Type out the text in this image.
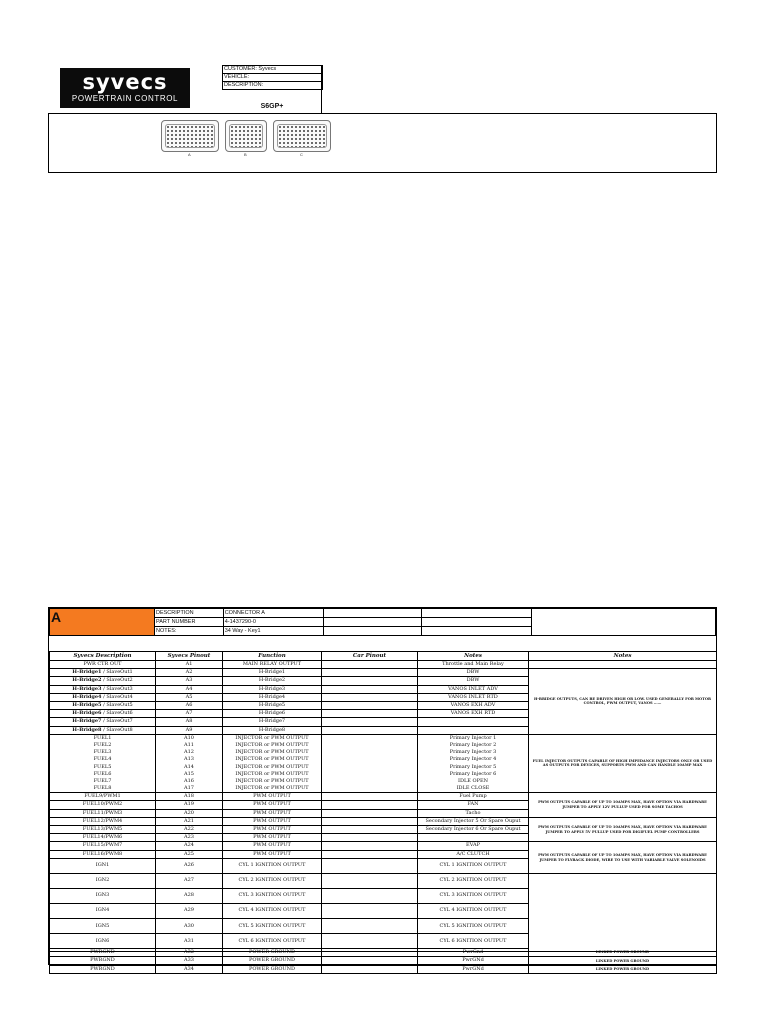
syvecs
POWERTRAIN CONTROL
CUSTOMER: Syvecs
VEHICLE:
DESCRIPTION:
S6GP+
A	B	C
A	DESCRIPTION	CONNECTOR A			
	PART NUMBER	4-1437290-0			
	NOTES:	34 Way - Key1			
Syvecs Description	Syvecs Pinout	Function	Car Pinout	Notes	Notes	
PWR CTR OUT	A1	MAIN RELAY OUTPUT		Throttle and Main Relay		
H-Bridge1 / SlaveOut1	A2	H-Bridge1		DBW	H-BRIDGE OUTPUTS, CAN BE DRIVEN HIGH OR LOW. USED GENERALLY FOR MOTOR CONTROL, PWM OUTPUT, VANOS ......	
H-Bridge2 / SlaveOut2	A3	H-Bridge2		DBW		
H-Bridge3 / SlaveOut3	A4	H-Bridge3		VANOS INLET ADV		
H-Bridge4 / SlaveOut4	A5	H-Bridge4		VANOS INLET RTD		
H-Bridge5 / SlaveOut5	A6	H-Bridge5		VANOS EXH ADV		
H-Bridge6 / SlaveOut6	A7	H-Bridge6		VANOS EXH RTD		
H-Bridge7 / SlaveOut7	A8	H-Bridge7				
H-Bridge8 / SlaveOut8	A9	H-Bridge8				
FUEL1	A10	INJECTOR or PWM OUTPUT		Primary Injector 1	FUEL INJECTOR OUTPUTS CAPABLE OF HIGH IMPEDANCE INJECTORS ONLY OR USED AS OUTPUTS FOR DEVICES, SUPPORTS PWM AND CAN HANDLE 10AMP MAX	
FUEL2	A11	INJECTOR or PWM OUTPUT		Primary Injector 2		
FUEL3	A12	INJECTOR or PWM OUTPUT		Primary Injector 3		
FUEL4	A13	INJECTOR or PWM OUTPUT		Primary Injector 4		
FUEL5	A14	INJECTOR or PWM OUTPUT		Primary Injector 5		
FUEL6	A15	INJECTOR or PWM OUTPUT		Primary Injector 6		
FUEL7	A16	INJECTOR or PWM OUTPUT		IDLE OPEN		
FUEL8	A17	INJECTOR or PWM OUTPUT		IDLE CLOSE		
FUEL9/PWM1	A18	PWM OUTPUT		Fuel Pump	PWM OUTPUTS CAPABLE OF UP TO 10AMPS MAX, HAVE OPTION VIA HARDWARE JUMPER TO APPLY 12V PULLUP USED FOR SOME TACHOS	
FUEL10/PWM2	A19	PWM OUTPUT		FAN		
FUEL11/PWM3	A20	PWM OUTPUT		Tacho		
FUEL12/PWM4	A21	PWM OUTPUT		Secondary Injector 5 Or Spare Ouput	PWM OUTPUTS CAPABLE OF UP TO 10AMPS MAX, HAVE OPTION VIA HARDWARE JUMPER TO APPLY 5V PULLUP USED FOR DIGIFUEL PUMP CONTROLLERS	
FUEL13/PWM5	A22	PWM OUTPUT		Secondary Injector 6 Or Spare Ouput		
FUEL14/PWM6	A23	PWM OUTPUT				
FUEL15/PWM7	A24	PWM OUTPUT		EVAP	PWM OUTPUTS CAPABLE OF UP TO 10AMPS MAX, HAVE OPTION VIA HARDWARE JUMPER TO FLYBACK DIODE, WIRE TO USE WITH VARIABLE VALVE SOLENOIDS	
FUEL16/PWM8	A25	PWM OUTPUT		A/C CLUTCH		
IGN1	A26	CYL 1 IGNITION OUTPUT		CYL 1 IGNITION OUTPUT	
IGN2	A27	CYL 2 IGNITION OUTPUT		CYL 2 IGNITION OUTPUT		
IGN3	A28	CYL 3 IGNITION OUTPUT		CYL 3 IGNITION OUTPUT		
IGN4	A29	CYL 4 IGNITION OUTPUT		CYL 4 IGNITION OUTPUT		
IGN5	A30	CYL 5 IGNITION OUTPUT		CYL 5 IGNITION OUTPUT		
IGN6	A31	CYL 6 IGNITION OUTPUT		CYL 6 IGNITION OUTPUT		
PWRGND	A32	POWER GROUND		PwrGnd	LINKED POWER GROUND	
PWRGND	A33	POWER GROUND		PwrGNd	LINKED POWER GROUND	
PWRGND	A34	POWER GROUND		PwrGNd	LINKED POWER GROUND	
